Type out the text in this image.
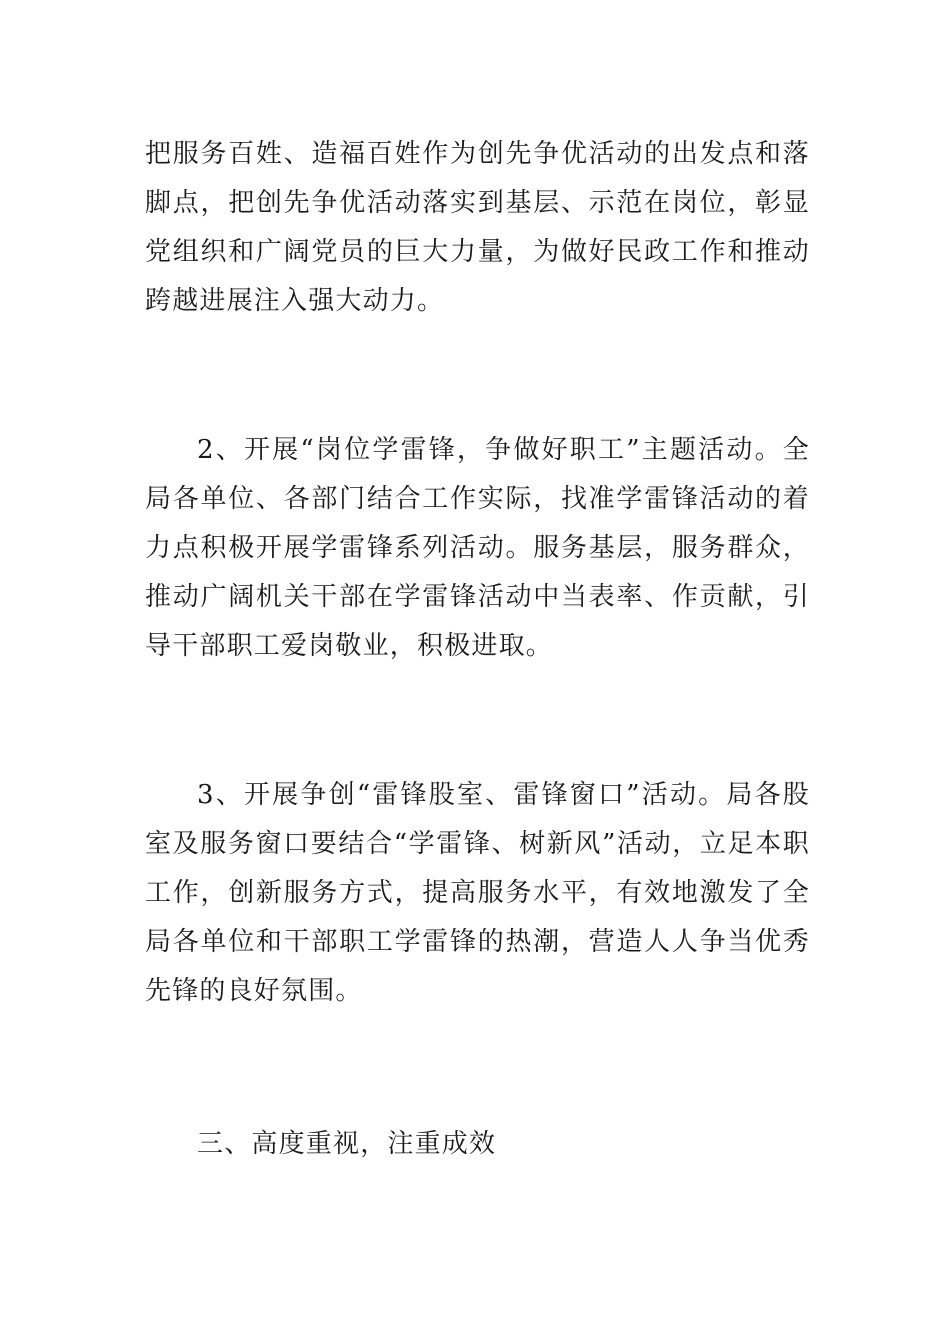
把服务百姓、造福百姓作为创先争优活动的出发点和落脚点，把创先争优活动落实到基层、示范在岗位，彰显党组织和广阔党员的巨大力量，为做好民政工作和推动跨越进展注入强大动力。

2、开展“岗位学雷锋，争做好职工”主题活动。全局各单位、各部门结合工作实际，找准学雷锋活动的着力点积极开展学雷锋系列活动。服务基层，服务群众，推动广阔机关干部在学雷锋活动中当表率、作贡献，引导干部职工爱岗敬业，积极进取。

3、开展争创“雷锋股室、雷锋窗口”活动。局各股室及服务窗口要结合“学雷锋、树新风”活动，立足本职工作，创新服务方式，提高服务水平，有效地激发了全局各单位和干部职工学雷锋的热潮，营造人人争当优秀先锋的良好氛围。

三、高度重视，注重成效
